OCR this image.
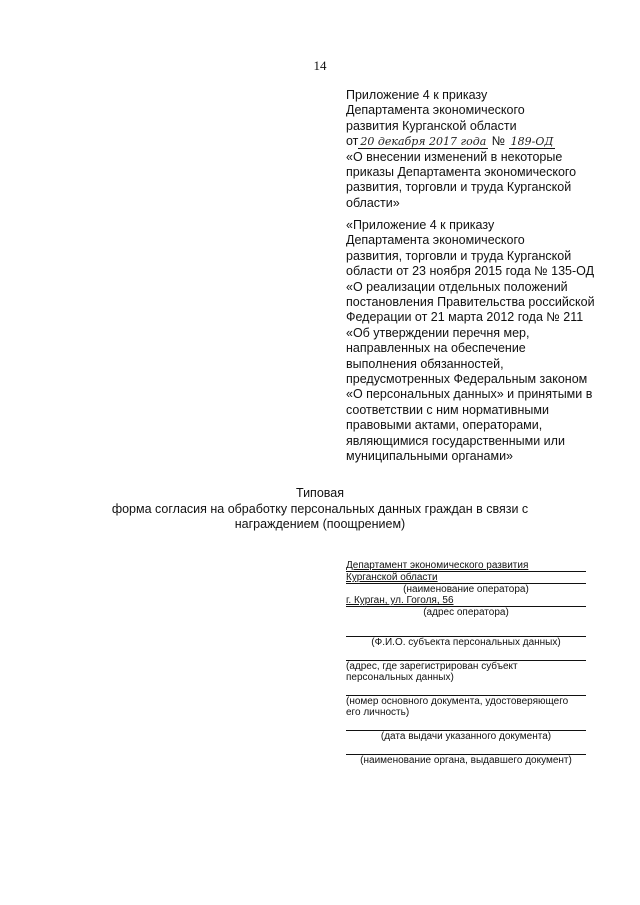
14
Приложение 4 к приказу
Департамента экономического
развития Курганской области
от 20 декабря 2017 года № 189-ОД
«О внесении изменений в некоторые
приказы Департамента экономического
развития, торговли и труда Курганской
области»
«Приложение 4 к приказу
Департамента экономического
развития, торговли и труда Курганской
области от 23 ноября 2015 года № 135-ОД
«О реализации отдельных положений
постановления Правительства российской
Федерации от 21 марта 2012 года № 211
«Об утверждении перечня мер,
направленных на обеспечение
выполнения обязанностей,
предусмотренных Федеральным законом
«О персональных данных» и принятыми в
соответствии с ним нормативными
правовыми актами, операторами,
являющимися государственными или
муниципальными органами»
Типовая
форма согласия на обработку персональных данных граждан в связи с
награждением (поощрением)
Департамент экономического развития
Курганской области
(наименование оператора)
г. Курган, ул. Гоголя, 56
(адрес оператора)
(Ф.И.О. субъекта персональных данных)
(адрес, где зарегистрирован субъект
персональных данных)
(номер основного документа, удостоверяющего
его личность)
(дата выдачи указанного документа)
(наименование органа, выдавшего документ)
